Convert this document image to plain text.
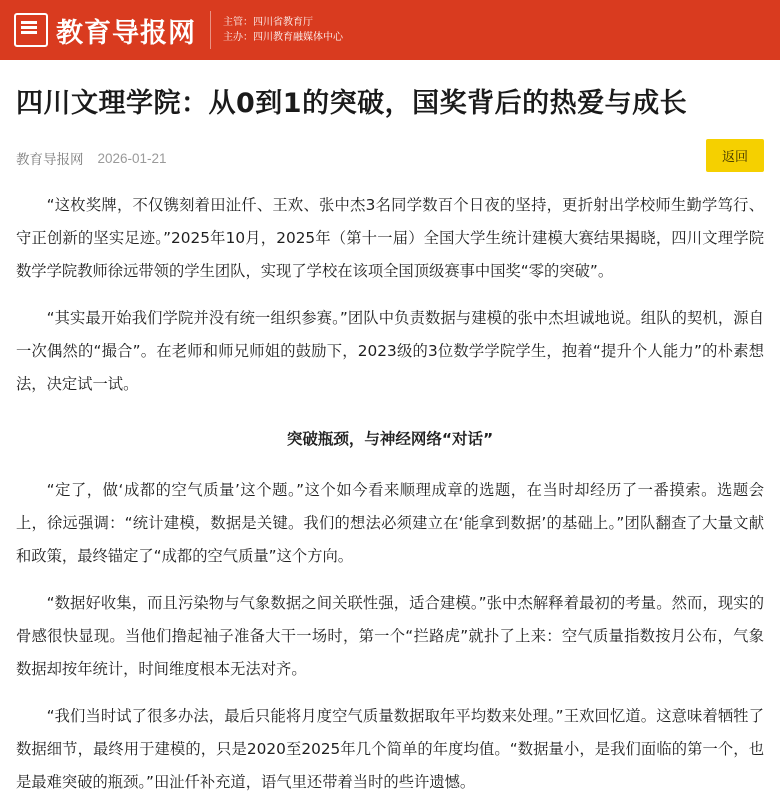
教育导报网	主管： 四川省教育厅
主办： 四川教育融媒体中心
四川文理学院：从0到1的突破，国奖背后的热爱与成长
教育导报网 2026-01-21	返回

“这枚奖牌，不仅镌刻着田沚仟、王欢、张中杰3名同学数百个日夜的坚持，更折射出学校师生勤学笃行、守正创新的坚实足迹。”2025年10月，2025年（第十一届）全国大学生统计建模大赛结果揭晓，四川文理学院数学学院教师徐远带领的学生团队，实现了学校在该项全国顶级赛事中国奖“零的突破”。

“其实最开始我们学院并没有统一组织参赛。”团队中负责数据与建模的张中杰坦诚地说。组队的契机，源自一次偶然的“撮合”。在老师和师兄师姐的鼓励下，2023级的3位数学学院学生，抱着“提升个人能力”的朴素想法，决定试一试。

突破瓶颈，与神经网络“对话”

“定了，做‘成都的空气质量’这个题。”这个如今看来顺理成章的选题，在当时却经历了一番摸索。选题会上，徐远强调：“统计建模，数据是关键。我们的想法必须建立在‘能拿到数据’的基础上。”团队翻查了大量文献和政策，最终锚定了“成都的空气质量”这个方向。

“数据好收集，而且污染物与气象数据之间关联性强，适合建模。”张中杰解释着最初的考量。然而，现实的骨感很快显现。当他们撸起袖子准备大干一场时，第一个“拦路虎”就扑了上来：空气质量指数按月公布，气象数据却按年统计，时间维度根本无法对齐。

“我们当时试了很多办法，最后只能将月度空气质量数据取年平均数来处理。”王欢回忆道。这意味着牺牲了数据细节，最终用于建模的，只是2020至2025年几个简单的年度均值。“数据量小，是我们面临的第一个，也是最难突破的瓶颈。”田沚仟补充道，语气里还带着当时的些许遗憾。
